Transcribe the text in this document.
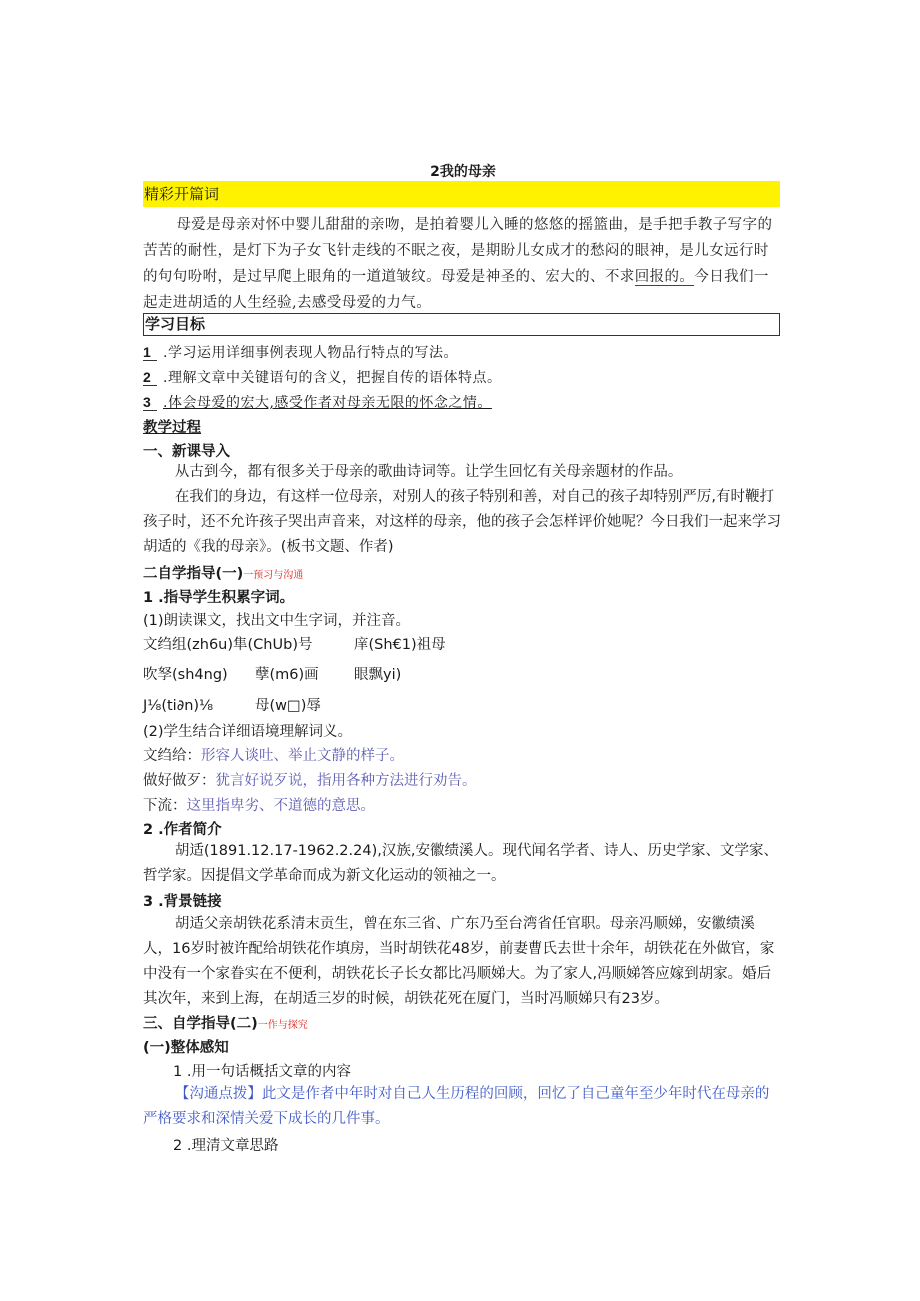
2我的母亲
精彩开篇词

母爱是母亲对怀中婴儿甜甜的亲吻，是拍着婴儿入睡的悠悠的摇篮曲，是手把手教子写字的苦苦的耐性，是灯下为子女飞针走线的不眠之夜，是期盼儿女成才的愁闷的眼神，是儿女远行时的句句吩咐，是过早爬上眼角的一道道皱纹。母爱是神圣的、宏大的、不求回报的。今日我们一起走进胡适的人生经验,去感受母爱的力气。

学习目标
1 .学习运用详细事例表现人物品行特点的写法。
2 .理解文章中关键语句的含义，把握自传的语体特点。
3 .体会母爱的宏大,感受作者对母亲无限的怀念之情。
教学过程
一、新课导入

从古到今，都有很多关于母亲的歌曲诗词等。让学生回忆有关母亲题材的作品。

在我们的身边，有这样一位母亲，对别人的孩子特别和善，对自己的孩子却特别严厉,有时鞭打孩子时，还不允许孩子哭出声音来，对这样的母亲，他的孩子会怎样评价她呢？今日我们一起来学习胡适的《我的母亲》。(板书文题、作者)

二自学指导(一)一预习与沟通
1 .指导学生积累字词。
(1)朗读课文，找出文中生字词，并注音。
文绉组(zh6u)隼(ChUb)号	庠(Sh€1)祖母
吹孥(sh4ng) 孽(m6)画 眼飘yi)
J⅛(ti∂n)⅛	母(w□)辱
(2)学生结合详细语境理解词义。
文绉给：形容人谈吐、举止文静的样子。
做好做歹：犹言好说歹说，指用各种方法进行劝告。
下流：这里指卑劣、不道德的意思。
2 .作者简介

胡适(1891.12.17-1962.2.24),汉族,安徽绩溪人。现代闻名学者、诗人、历史学家、文学家、哲学家。因提倡文学革命而成为新文化运动的领袖之一。

3 .背景链接

胡适父亲胡铁花系清末贡生，曾在东三省、广东乃至台湾省任官职。母亲冯顺娣，安徽绩溪人，16岁时被许配给胡铁花作填房，当时胡铁花48岁，前妻曹氏去世十余年，胡铁花在外做官，家中没有一个家眷实在不便利，胡铁花长子长女都比冯顺娣大。为了家人,冯顺娣答应嫁到胡家。婚后其次年，来到上海，在胡适三岁的时候，胡铁花死在厦门，当时冯顺娣只有23岁。

三、自学指导(二)一作与探究
(一)整体感知
1 .用一句话概括文章的内容

【沟通点拨】此文是作者中年时对自己人生历程的回顾，回忆了自己童年至少年时代在母亲的严格要求和深情关爱下成长的几件事。

2 .理清文章思路
